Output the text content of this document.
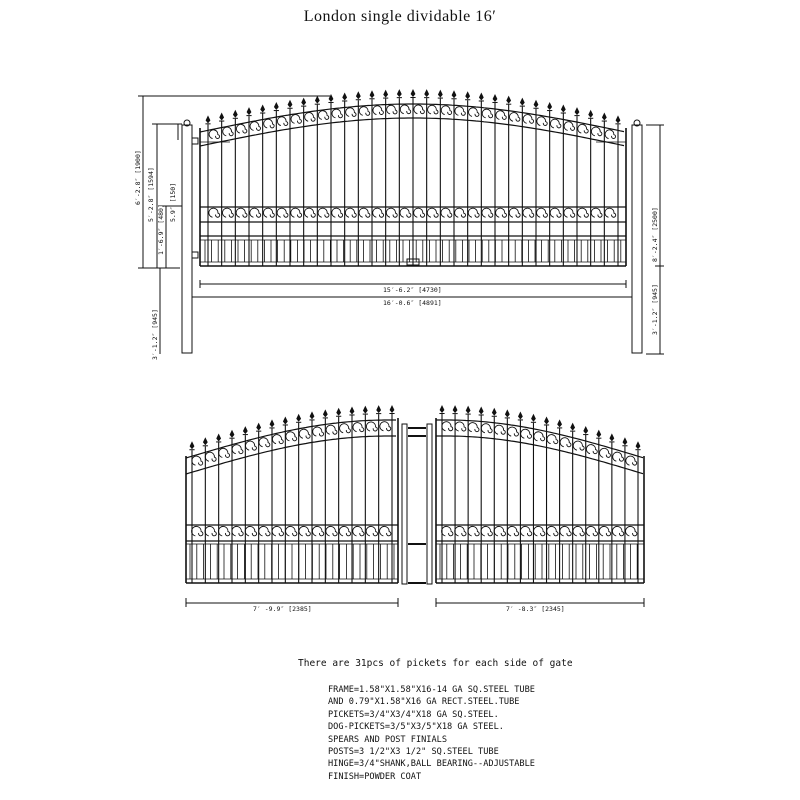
London single dividable 16′
6′-2.8″ [1900] 5′-2.8″ [1594] 5.9″ [150]
1′-6.9″ [480]
3′-1.2″ [945]
8′-2.4″ [2500]
3′-1.2″ [945]
15′-6.2″ [4730]
16′-0.6″ [4891]
7′ -9.9″ [2385]	7′ -8.3″ [2345]
There are 31pcs of pickets for each side of gate
FRAME=1.58"X1.58"X16-14 GA SQ.STEEL TUBE
AND 0.79"X1.58"X16 GA RECT.STEEL.TUBE
PICKETS=3/4"X3/4"X18 GA SQ.STEEL.
DOG-PICKETS=3/5"X3/5"X18 GA STEEL.
SPEARS AND POST FINIALS
POSTS=3 1/2"X3 1/2" SQ.STEEL TUBE
HINGE=3/4"SHANK,BALL BEARING--ADJUSTABLE
FINISH=POWDER COAT
